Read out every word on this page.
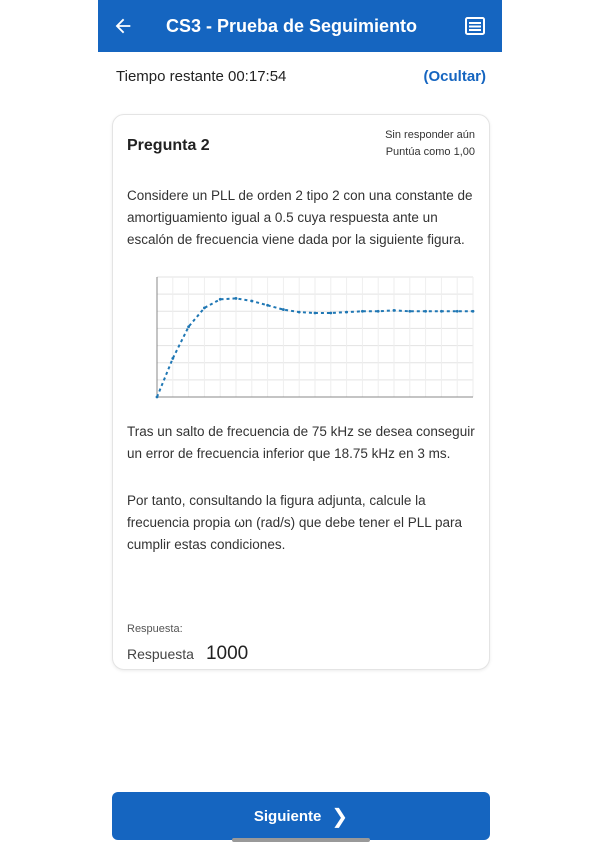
CS3 - Prueba de Seguimiento
Tiempo restante 00:17:54	(Ocultar)
Pregunta 2
Sin responder aún
Puntúa como 1,00
Considere un PLL de orden 2 tipo 2 con una constante de amortiguamiento igual a 0.5 cuya respuesta ante un escalón de frecuencia viene dada por la siguiente figura.
Tras un salto de frecuencia de 75 kHz se desea conseguir un error de frecuencia inferior que 18.75 kHz en 3 ms.
Por tanto, consultando la figura adjunta, calcule la frecuencia propia ωn (rad/s) que debe tener el PLL para cumplir estas condiciones.
Respuesta:
Respuesta
1000
Siguiente ❯
